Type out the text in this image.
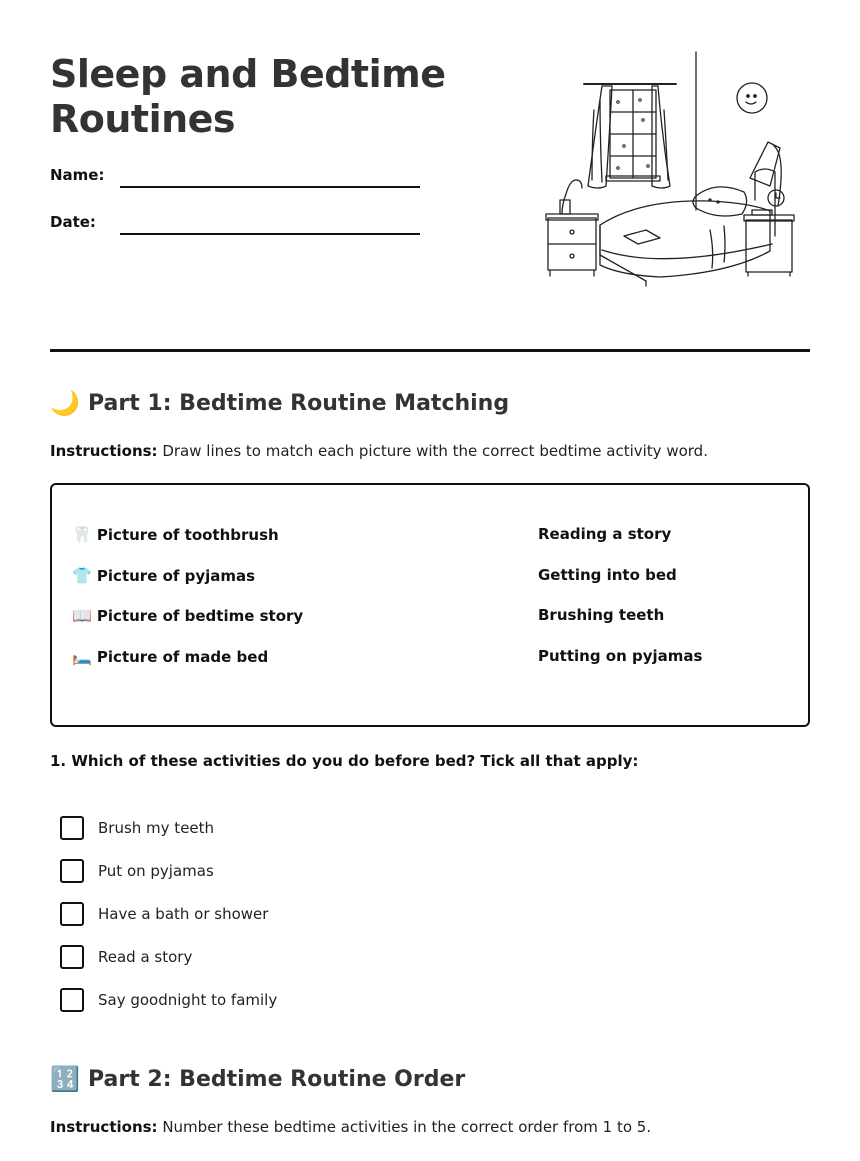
Sleep and Bedtime
Routines
Name:
Date:
🌙 Part 1: Bedtime Routine Matching
Instructions: Draw lines to match each picture with the correct bedtime activity word.
🦷 Picture of toothbrush
👕 Picture of pyjamas
📖 Picture of bedtime story
🛏️ Picture of made bed
Reading a story
Getting into bed
Brushing teeth
Putting on pyjamas
1. Which of these activities do you do before bed? Tick all that apply:
Brush my teeth
Put on pyjamas
Have a bath or shower
Read a story
Say goodnight to family
🔢 Part 2: Bedtime Routine Order
Instructions: Number these bedtime activities in the correct order from 1 to 5.
